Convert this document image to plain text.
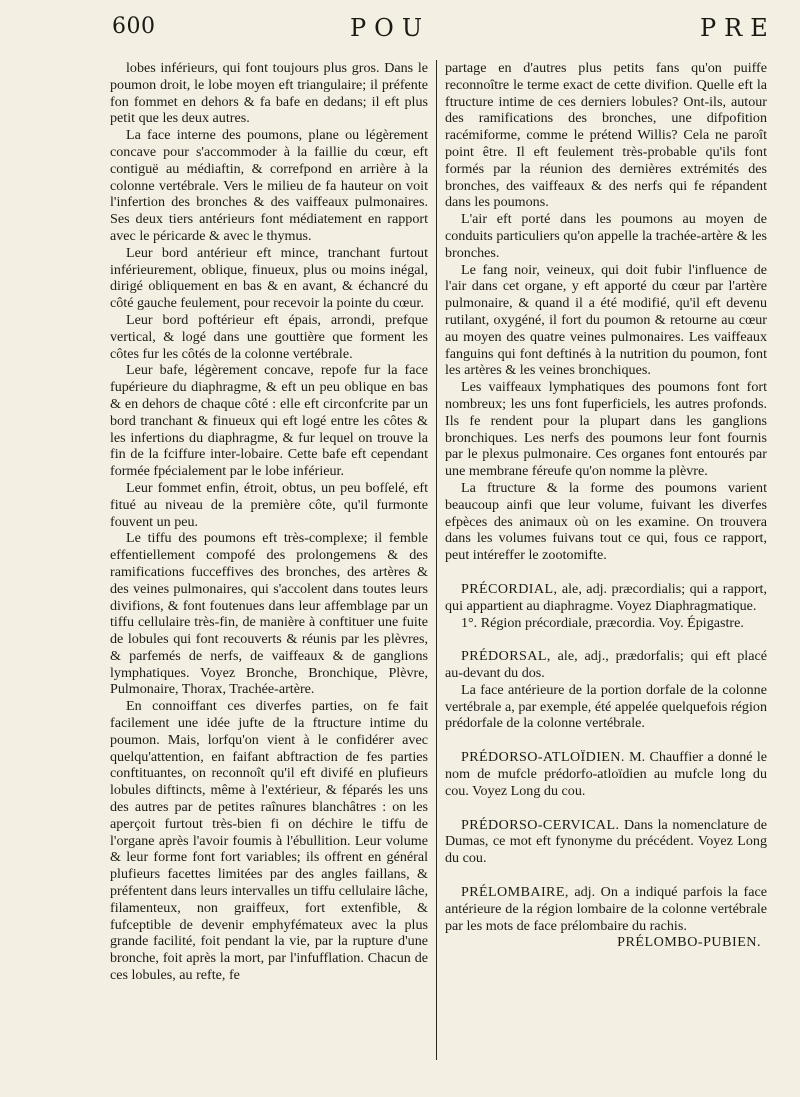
600	POU	PRE

lobes inférieurs, qui font toujours plus gros. Dans le poumon droit, le lobe moyen eft triangulaire; il préfente fon fommet en dehors & fa bafe en dedans; il eft plus petit que les deux autres.

La face interne des poumons, plane ou légèrement concave pour s'accommoder à la faillie du cœur, eft contiguë au médiaftin, & correfpond en arrière à la colonne vertébrale. Vers le milieu de fa hauteur on voit l'infertion des bronches & des vaiffeaux pulmonaires. Ses deux tiers antérieurs font médiatement en rapport avec le péricarde & avec le thymus.

Leur bord antérieur eft mince, tranchant furtout inférieurement, oblique, finueux, plus ou moins inégal, dirigé obliquement en bas & en avant, & échancré du côté gauche feulement, pour recevoir la pointe du cœur.

Leur bord poftérieur eft épais, arrondi, prefque vertical, & logé dans une gouttière que forment les côtes fur les côtés de la colonne vertébrale.

Leur bafe, légèrement concave, repofe fur la face fupérieure du diaphragme, & eft un peu oblique en bas & en dehors de chaque côté : elle eft circonfcrite par un bord tranchant & finueux qui eft logé entre les côtes & les infertions du diaphragme, & fur lequel on trouve la fin de la fciffure inter-lobaire. Cette bafe eft cependant formée fpécialement par le lobe inférieur.

Leur fommet enfin, étroit, obtus, un peu bofſelé, eft fitué au niveau de la première côte, qu'il furmonte fouvent un peu.

Le tiffu des poumons eft très-complexe; il femble effentiellement compofé des prolongemens & des ramifications fucceffives des bronches, des artères & des veines pulmonaires, qui s'accolent dans toutes leurs divifions, & font foutenues dans leur affemblage par un tiffu cellulaire très-fin, de manière à conftituer une fuite de lobules qui font recouverts & réunis par les plèvres, & parfemés de nerfs, de vaiffeaux & de ganglions lymphatiques. Voyez Bronche, Bronchique, Plèvre, Pulmonaire, Thorax, Trachée-artère.

En connoiffant ces diverfes parties, on fe fait facilement une idée jufte de la ftructure intime du poumon. Mais, lorfqu'on vient à le confidérer avec quelqu'attention, en faifant abftraction de fes parties conftituantes, on reconnoît qu'il eft divifé en plufieurs lobules diftincts, même à l'extérieur, & féparés les uns des autres par de petites raînures blanchâtres : on les aperçoit furtout très-bien fi on déchire le tiffu de l'organe après l'avoir foumis à l'ébullition. Leur volume & leur forme font fort variables; ils offrent en général plufieurs facettes limitées par des angles faillans, & préfentent dans leurs intervalles un tiffu cellulaire lâche, filamenteux, non graiffeux, fort extenfible, & fufceptible de devenir emphyfémateux avec la plus grande facilité, foit pendant la vie, par la rupture d'une bronche, foit après la mort, par l'infufflation. Chacun de ces lobules, au refte, fe

partage en d'autres plus petits fans qu'on puiffe reconnoître le terme exact de cette divifion. Quelle eft la ftructure intime de ces derniers lobules? Ont-ils, autour des ramifications des bronches, une difpofition racémiforme, comme le prétend Willis? Cela ne paroît point être. Il eft feulement très-probable qu'ils font formés par la réunion des dernières extrémités des bronches, des vaiffeaux & des nerfs qui fe répandent dans les poumons.

L'air eft porté dans les poumons au moyen de conduits particuliers qu'on appelle la trachée-artère & les bronches.

Le fang noir, veineux, qui doit fubir l'influence de l'air dans cet organe, y eft apporté du cœur par l'artère pulmonaire, & quand il a été modifié, qu'il eft devenu rutilant, oxygéné, il fort du poumon & retourne au cœur au moyen des quatre veines pulmonaires. Les vaiffeaux fanguins qui font deftinés à la nutrition du poumon, font les artères & les veines bronchiques.

Les vaiffeaux lymphatiques des poumons font fort nombreux; les uns font fuperficiels, les autres profonds. Ils fe rendent pour la plupart dans les ganglions bronchiques. Les nerfs des poumons leur font fournis par le plexus pulmonaire. Ces organes font entourés par une membrane féreufe qu'on nomme la plèvre.

La ftructure & la forme des poumons varient beaucoup ainfi que leur volume, fuivant les diverfes efpèces des animaux où on les examine. On trouvera dans les volumes fuivans tout ce qui, fous ce rapport, peut intéreffer le zootomifte.

PRÉCORDIAL, ale, adj. præcordialis; qui a rapport, qui appartient au diaphragme. Voyez Diaphragmatique.

1°. Région précordiale, præcordia. Voy. Épigastre.

PRÉDORSAL, ale, adj., prædorfalis; qui eft placé au-devant du dos.

La face antérieure de la portion dorfale de la colonne vertébrale a, par exemple, été appelée quelquefois région prédorfale de la colonne vertébrale.

PRÉDORSO-ATLOÏDIEN. M. Chauffier a donné le nom de mufcle prédorfo-atloïdien au mufcle long du cou. Voyez Long du cou.

PRÉDORSO-CERVICAL. Dans la nomenclature de Dumas, ce mot eft fynonyme du précédent. Voyez Long du cou.

PRÉLOMBAIRE, adj. On a indiqué parfois la face antérieure de la région lombaire de la colonne vertébrale par les mots de face prélombaire du rachis.

PRÉLOMBO-PUBIEN.
